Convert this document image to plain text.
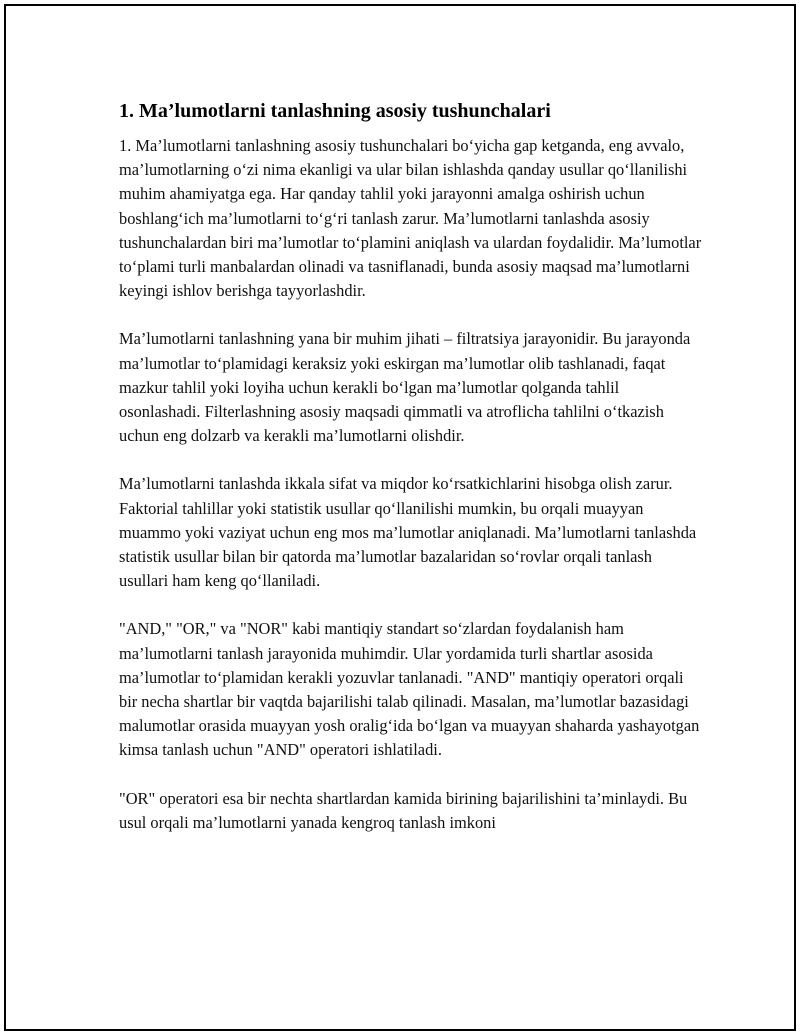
1. Ma’lumotlarni tanlashning asosiy tushunchalari

1. Ma’lumotlarni tanlashning asosiy tushunchalari bo‘yicha gap ketganda, eng avvalo, ma’lumotlarning o‘zi nima ekanligi va ular bilan ishlashda qanday usullar qo‘llanilishi muhim ahamiyatga ega. Har qanday tahlil yoki jarayonni amalga oshirish uchun boshlang‘ich ma’lumotlarni to‘g‘ri tanlash zarur. Ma’lumotlarni tanlashda asosiy tushunchalardan biri ma’lumotlar to‘plamini aniqlash va ulardan foydalidir. Ma’lumotlar to‘plami turli manbalardan olinadi va tasniflanadi, bunda asosiy maqsad ma’lumotlarni keyingi ishlov berishga tayyorlashdir.

Ma’lumotlarni tanlashning yana bir muhim jihati – filtratsiya jarayonidir. Bu jarayonda ma’lumotlar to‘plamidagi keraksiz yoki eskirgan ma’lumotlar olib tashlanadi, faqat mazkur tahlil yoki loyiha uchun kerakli bo‘lgan ma’lumotlar qolganda tahlil osonlashadi. Filterlashning asosiy maqsadi qimmatli va atroflicha tahlilni o‘tkazish uchun eng dolzarb va kerakli ma’lumotlarni olishdir.

Ma’lumotlarni tanlashda ikkala sifat va miqdor ko‘rsatkichlarini hisobga olish zarur. Faktorial tahlillar yoki statistik usullar qo‘llanilishi mumkin, bu orqali muayyan muammo yoki vaziyat uchun eng mos ma’lumotlar aniqlanadi. Ma’lumotlarni tanlashda statistik usullar bilan bir qatorda ma’lumotlar bazalaridan so‘rovlar orqali tanlash usullari ham keng qo‘llaniladi.

"AND," "OR," va "NOR" kabi mantiqiy standart so‘zlardan foydalanish ham ma’lumotlarni tanlash jarayonida muhimdir. Ular yordamida turli shartlar asosida ma’lumotlar to‘plamidan kerakli yozuvlar tanlanadi. "AND" mantiqiy operatori orqali bir necha shartlar bir vaqtda bajarilishi talab qilinadi. Masalan, ma’lumotlar bazasidagi malumotlar orasida muayyan yosh oralig‘ida bo‘lgan va muayyan shaharda yashayotgan kimsa tanlash uchun "AND" operatori ishlatiladi.

"OR" operatori esa bir nechta shartlardan kamida birining bajarilishini ta’minlaydi. Bu usul orqali ma’lumotlarni yanada kengroq tanlash imkoni
